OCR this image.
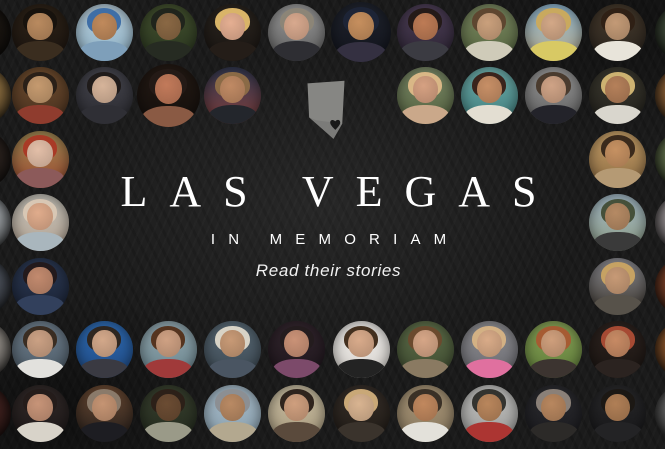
LAS VEGAS
IN MEMORIAM
Read their stories
